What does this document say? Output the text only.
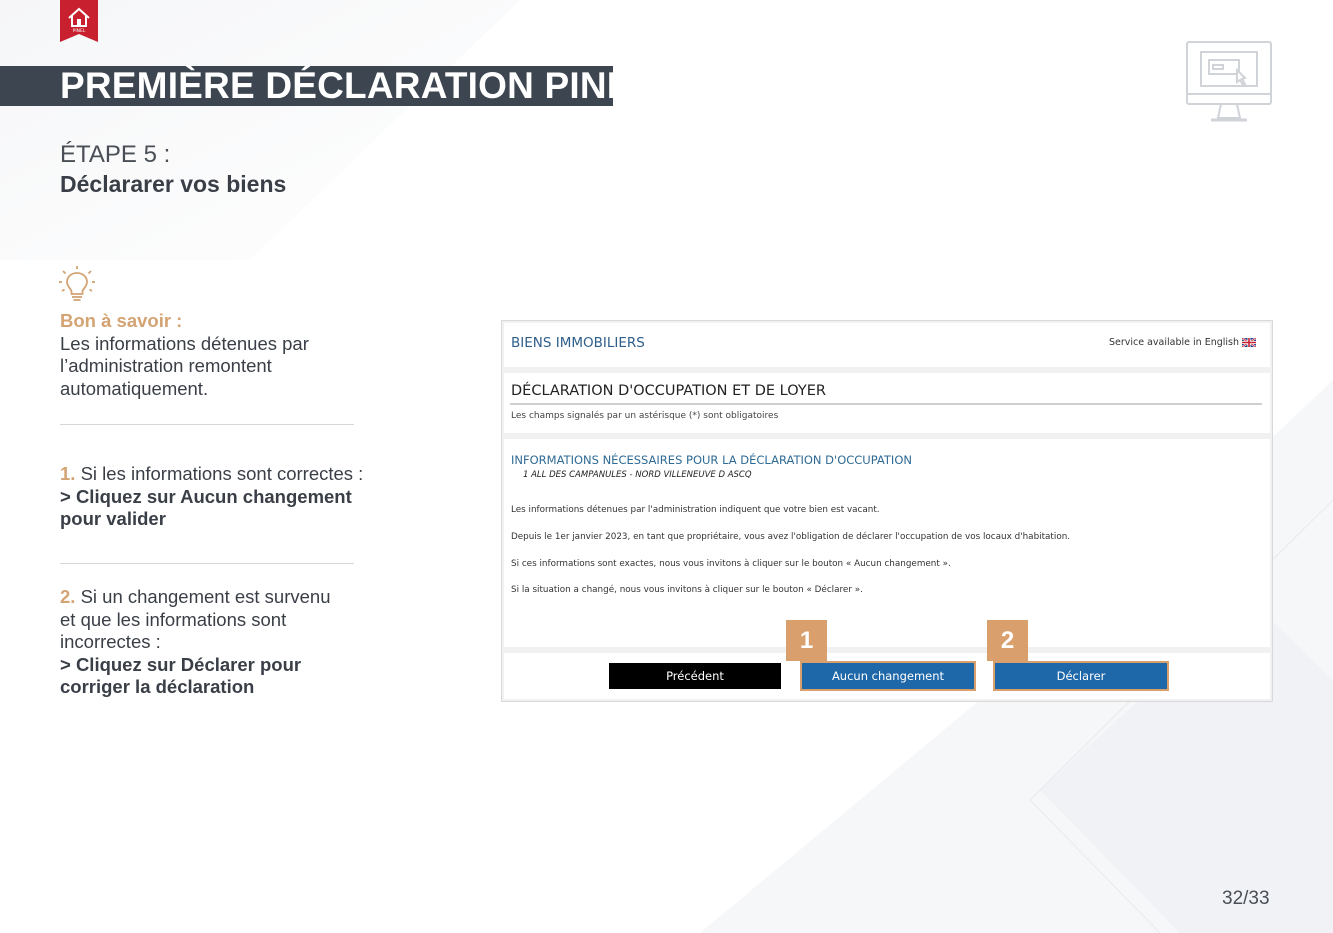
PINEL
PREMIÈRE DÉCLARATION PINEL
ÉTAPE 5 :
Déclararer vos biens
Bon à savoir :
Les informations détenues par l’administration remontent automatiquement.
1. Si les informations sont correctes :
> Cliquez sur Aucun changement pour valider
2. Si un changement est survenu et que les informations sont incorrectes :
> Cliquez sur Déclarer pour corriger la déclaration
BIENS IMMOBILIERS	Service available in English
DÉCLARATION D'OCCUPATION ET DE LOYER
Les champs signalés par un astérisque (*) sont obligatoires
INFORMATIONS NÉCESSAIRES POUR LA DÉCLARATION D'OCCUPATION
1 ALL DES CAMPANULES - NORD VILLENEUVE D ASCQ
Les informations détenues par l'administration indiquent que votre bien est vacant.
Depuis le 1er janvier 2023, en tant que propriétaire, vous avez l'obligation de déclarer l'occupation de vos locaux d'habitation.
Si ces informations sont exactes, nous vous invitons à cliquer sur le bouton « Aucun changement ».
Si la situation a changé, nous vous invitons à cliquer sur le bouton « Déclarer ».
Précédent	Aucun changement	Déclarer
1	2
32/33
